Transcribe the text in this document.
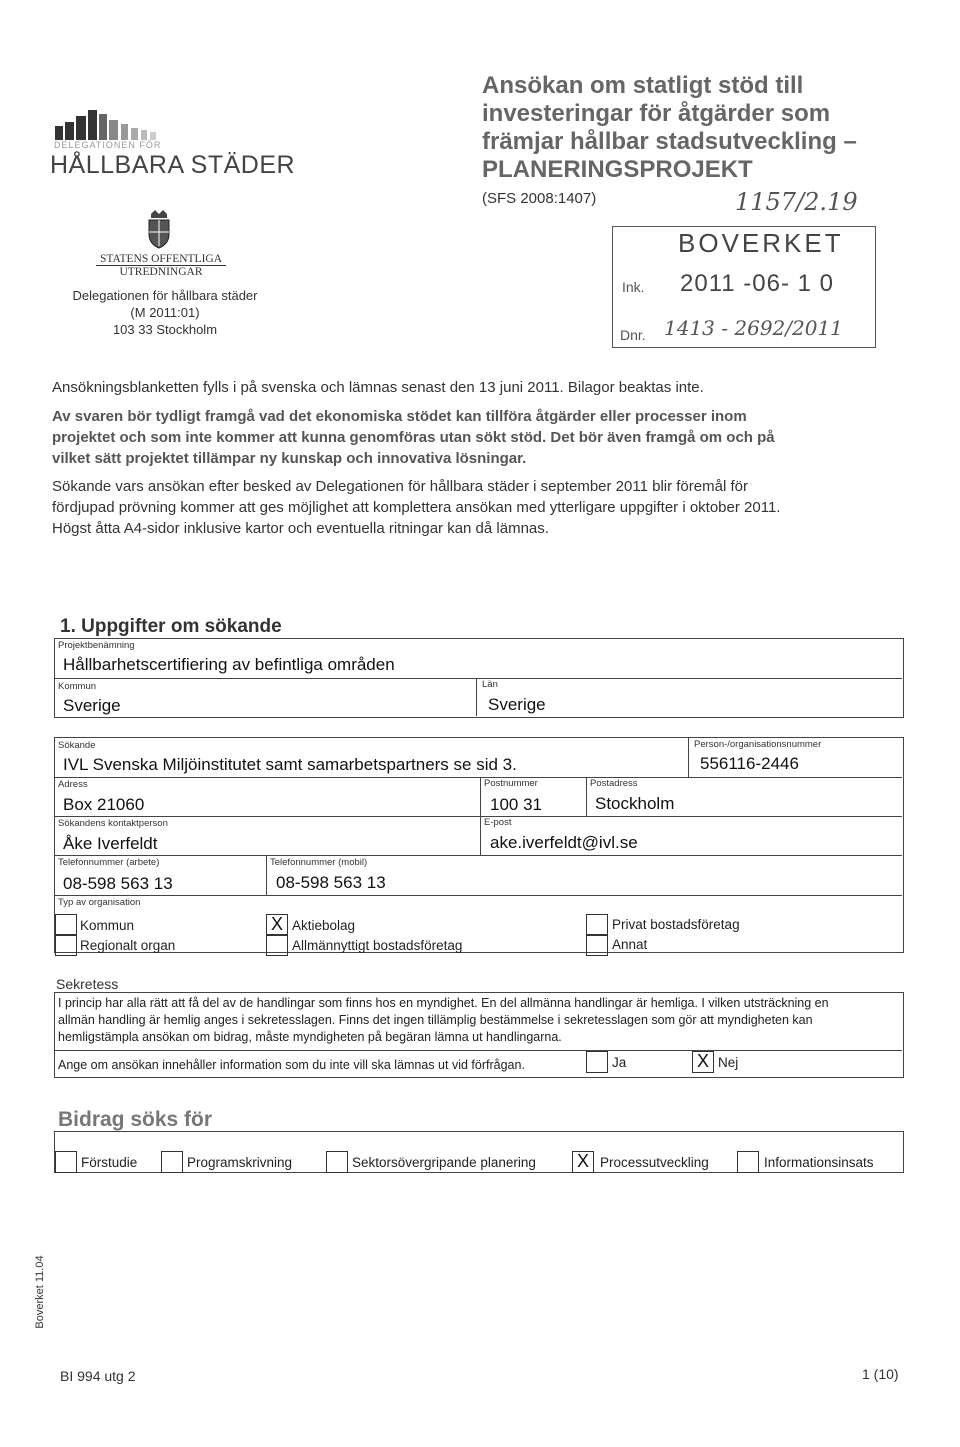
DELEGATIONEN FÖR
HÅLLBARA STÄDER
STATENS OFFENTLIGA
UTREDNINGAR
Delegationen för hållbara städer
(M 2011:01)
103 33 Stockholm
Ansökan om statligt stöd till
investeringar för åtgärder som
främjar hållbar stadsutveckling –
PLANERINGSPROJEKT
(SFS 2008:1407)	1157/2.19
BOVERKET
Ink. 2011 -06- 1 0
Dnr. 1413 - 2692/2011
Ansökningsblanketten fylls i på svenska och lämnas senast den 13 juni 2011. Bilagor beaktas inte.
Av svaren bör tydligt framgå vad det ekonomiska stödet kan tillföra åtgärder eller processer inom
projektet och som inte kommer att kunna genomföras utan sökt stöd. Det bör även framgå om och på
vilket sätt projektet tillämpar ny kunskap och innovativa lösningar.
Sökande vars ansökan efter besked av Delegationen för hållbara städer i september 2011 blir föremål för
fördjupad prövning kommer att ges möjlighet att komplettera ansökan med ytterligare uppgifter i oktober 2011.
Högst åtta A4-sidor inklusive kartor och eventuella ritningar kan då lämnas.
1. Uppgifter om sökande
Projektbenämning
Hållbarhetscertifiering av befintliga områden
Kommun
Sverige
Län
Sverige
Sökande
IVL Svenska Miljöinstitutet samt samarbetspartners se sid 3.
Person-/organisationsnummer
556116-2446
Adress
Box 21060
Postnummer
100 31
Postadress
Stockholm
Sökandens kontaktperson
Åke Iverfeldt
E-post
ake.iverfeldt@ivl.se
Telefonnummer (arbete)
08-598 563 13
Telefonnummer (mobil)
08-598 563 13
Typ av organisation
Kommun
Regionalt organ
X Aktiebolag
Allmännyttigt bostadsföretag
Privat bostadsföretag
Annat
Sekretess
I princip har alla rätt att få del av de handlingar som finns hos en myndighet. En del allmänna handlingar är hemliga. I vilken utsträckning en
allmän handling är hemlig anges i sekretesslagen. Finns det ingen tillämplig bestämmelse i sekretesslagen som gör att myndigheten kan
hemligstämpla ansökan om bidrag, måste myndigheten på begäran lämna ut handlingarna.
Ange om ansökan innehåller information som du inte vill ska lämnas ut vid förfrågan.	Ja	X Nej
Bidrag söks för
Förstudie	Programskrivning	Sektorsövergripande planering X Processutveckling	Informationsinsats
Boverket 11.04
BI 994 utg 2	1 (10)
